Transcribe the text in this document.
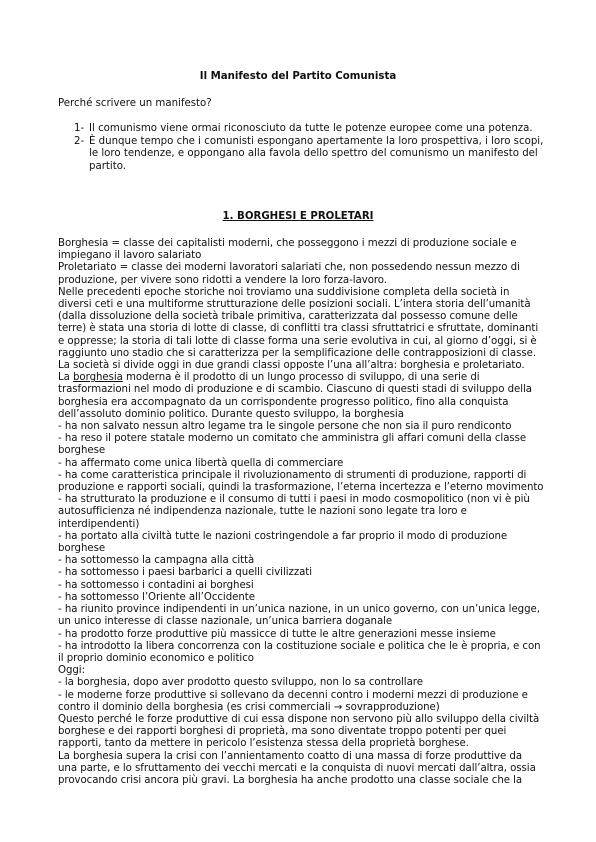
Il Manifesto del Partito Comunista
Perché scrivere un manifesto?
1- Il comunismo viene ormai riconosciuto da tutte le potenze europee come una potenza.
2- È dunque tempo che i comunisti espongano apertamente la loro prospettiva, i loro scopi, le loro tendenze, e oppongano alla favola dello spettro del comunismo un manifesto del partito.
1. BORGHESI E PROLETARI
Borghesia = classe dei capitalisti moderni, che posseggono i mezzi di produzione sociale e
impiegano il lavoro salariato
Proletariato = classe dei moderni lavoratori salariati che, non possedendo nessun mezzo di
produzione, per vivere sono ridotti a vendere la loro forza-lavoro.
Nelle precedenti epoche storiche noi troviamo una suddivisione completa della società in
diversi ceti e una multiforme strutturazione delle posizioni sociali. L’intera storia dell’umanità
(dalla dissoluzione della società tribale primitiva, caratterizzata dal possesso comune delle
terre) è stata una storia di lotte di classe, di conflitti tra classi sfruttatrici e sfruttate, dominanti
e oppresse; la storia di tali lotte di classe forma una serie evolutiva in cui, al giorno d’oggi, si è
raggiunto uno stadio che si caratterizza per la semplificazione delle contrapposizioni di classe.
La società si divide oggi in due grandi classi opposte l’una all’altra: borghesia e proletariato.
La borghesia moderna è il prodotto di un lungo processo di sviluppo, di una serie di
trasformazioni nel modo di produzione e di scambio. Ciascuno di questi stadi di sviluppo della
borghesia era accompagnato da un corrispondente progresso politico, fino alla conquista
dell’assoluto dominio politico. Durante questo sviluppo, la borghesia
- ha non salvato nessun altro legame tra le singole persone che non sia il puro rendiconto
- ha reso il potere statale moderno un comitato che amministra gli affari comuni della classe
borghese
- ha affermato come unica libertà quella di commerciare
- ha come caratteristica principale il rivoluzionamento di strumenti di produzione, rapporti di
produzione e rapporti sociali, quindi la trasformazione, l’eterna incertezza e l’eterno movimento
- ha strutturato la produzione e il consumo di tutti i paesi in modo cosmopolitico (non vi è più
autosufficienza né indipendenza nazionale, tutte le nazioni sono legate tra loro e
interdipendenti)
- ha portato alla civiltà tutte le nazioni costringendole a far proprio il modo di produzione
borghese
- ha sottomesso la campagna alla città
- ha sottomesso i paesi barbarici a quelli civilizzati
- ha sottomesso i contadini ai borghesi
- ha sottomesso l’Oriente all’Occidente
- ha riunito province indipendenti in un’unica nazione, in un unico governo, con un’unica legge,
un unico interesse di classe nazionale, un’unica barriera doganale
- ha prodotto forze produttive più massicce di tutte le altre generazioni messe insieme
- ha introdotto la libera concorrenza con la costituzione sociale e politica che le è propria, e con
il proprio dominio economico e politico
Oggi:
- la borghesia, dopo aver prodotto questo sviluppo, non lo sa controllare
- le moderne forze produttive si sollevano da decenni contro i moderni mezzi di produzione e
contro il dominio della borghesia (es crisi commerciali → sovrapproduzione)
Questo perché le forze produttive di cui essa dispone non servono più allo sviluppo della civiltà
borghese e dei rapporti borghesi di proprietà, ma sono diventate troppo potenti per quei
rapporti, tanto da mettere in pericolo l’esistenza stessa della proprietà borghese.
La borghesia supera la crisi con l’annientamento coatto di una massa di forze produttive da
una parte, e lo sfruttamento dei vecchi mercati e la conquista di nuovi mercati dall’altra, ossia
provocando crisi ancora più gravi. La borghesia ha anche prodotto una classe sociale che la
